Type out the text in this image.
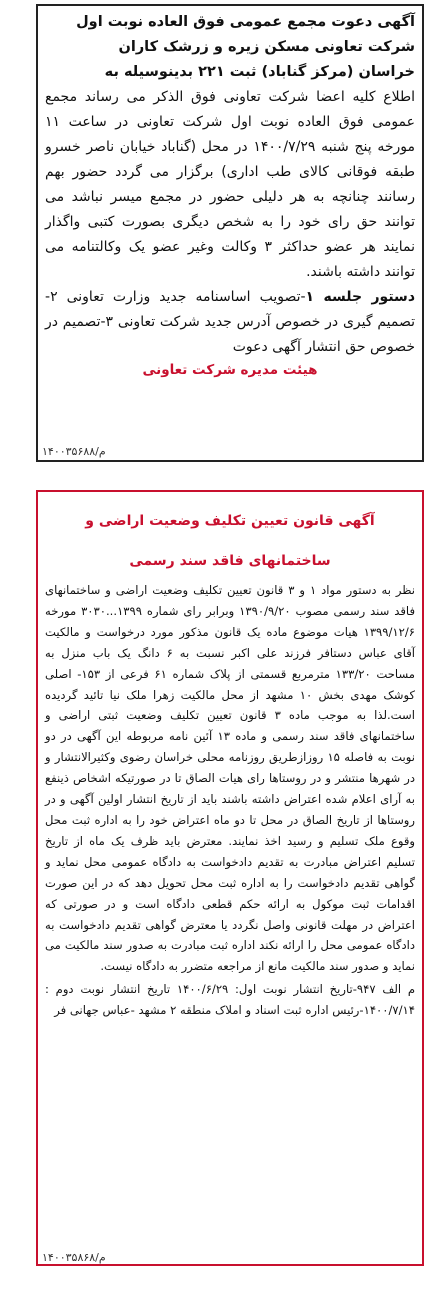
آگهی دعوت مجمع عمومی فوق العاده نوبت اول

شرکت تعاونی مسکن زیره و زرشک کاران

خراسان (مرکز گناباد) ثبت ۲۲۱ بدینوسیله به

اطلاع کلیه اعضا شرکت تعاونی فوق الذکر می رساند مجمع عمومی فوق العاده نوبت اول شرکت تعاونی در ساعت ۱۱ مورخه پنج شنبه ۱۴۰۰/۷/۲۹ در محل (گناباد خیابان ناصر خسرو طبقه فوقانی کالای طب اداری) برگزار می گردد حضور بهم رسانند چنانچه به هر دلیلی حضور در مجمع میسر نباشد می توانند حق رای خود را به شخص دیگری بصورت کتبی واگذار نمایند هر عضو حداکثر ۳ وکالت وغیر عضو یک وکالتنامه می توانند داشته باشند.

دستور جلسه ۱-تصویب اساسنامه جدید وزارت تعاونی ۲-تصمیم گیری در خصوص آدرس جدید شرکت تعاونی ۳-تصمیم در خصوص حق انتشار آگهی دعوت

هیئت مدیره شرکت تعاونی
۱۴۰۰۳۵۶۸۸/م

آگهی قانون تعیین تکلیف وضعیت اراضی و

ساختمانهای فاقد سند رسمی

نظر به دستور مواد ۱ و ۳ قانون تعیین تکلیف وضعیت اراضی و ساختمانهای فاقد سند رسمی مصوب ۱۳۹۰/۹/۲۰ وبرابر رای شماره ۱۳۹۹...۳۰۳۰ مورخه ۱۳۹۹/۱۲/۶ هیات موضوع ماده یک قانون مذکور مورد درخواست و مالکیت آقای عباس دستافر فرزند علی اکبر نسبت به ۶ دانگ یک باب منزل به مساحت ۱۳۳/۲۰ مترمربع قسمتی از پلاک شماره ۶۱ فرعی از ۱۵۳- اصلی کوشک مهدی بخش ۱۰ مشهد از محل مالکیت زهرا ملک نیا تائید گردیده است.لذا به موجب ماده ۳ قانون تعیین تکلیف وضعیت ثبتی اراضی و ساختمانهای فاقد سند رسمی و ماده ۱۳ آئین نامه مربوطه این آگهی در دو نوبت به فاصله ۱۵ روزازطریق روزنامه محلی خراسان رضوی وکثیرالانتشار و در شهرها منتشر و در روستاها رای هیات الصاق تا در صورتیکه اشخاص ذینفع به آرای اعلام شده اعتراض داشته باشند باید از تاریخ انتشار اولین آگهی و در روستاها از تاریخ الصاق در محل تا دو ماه اعتراض خود را به اداره ثبت محل وقوع ملک تسلیم و رسید اخذ نمایند. معترض باید ظرف یک ماه از تاریخ تسلیم اعتراض مبادرت به تقدیم دادخواست به دادگاه عمومی محل نماید و گواهی تقدیم دادخواست را به اداره ثبت محل تحویل دهد که در این صورت اقدامات ثبت موکول به ارائه حکم قطعی دادگاه است و در صورتی که اعتراض در مهلت قانونی واصل نگردد یا معترض گواهی تقدیم دادخواست به دادگاه عمومی محل را ارائه نکند اداره ثبت مبادرت به صدور سند مالکیت می نماید و صدور سند مالکیت مانع از مراجعه متضرر به دادگاه نیست.

م الف ۹۴۷-تاریخ انتشار نوبت اول: ۱۴۰۰/۶/۲۹ تاریخ انتشار نوبت دوم : ۱۴۰۰/۷/۱۴-رئیس اداره ثبت اسناد و املاک منطقه ۲ مشهد -عباس جهانی فر

۱۴۰۰۳۵۸۶۸/م
